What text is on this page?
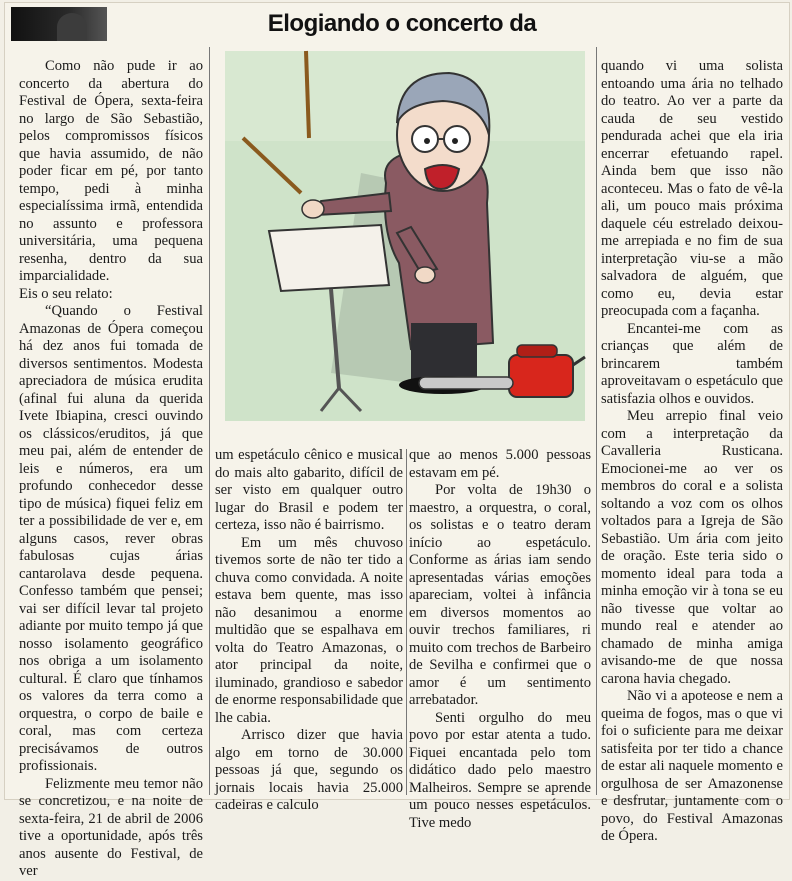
Elogiando o concerto da

Como não pude ir ao concerto da abertura do Festival de Ópera, sexta-feira no largo de São Sebastião, pelos compromissos físicos que havia assumido, de não poder ficar em pé, por tanto tempo, pedi à minha especialíssima irmã, entendida no assunto e professora universitária, uma pequena resenha, dentro da sua imparcialidade.

Eis o seu relato:

“Quando o Festival Amazonas de Ópera começou há dez anos fui tomada de diversos sentimentos. Modesta apreciadora de música erudita (afinal fui aluna da querida Ivete Ibiapina, cresci ouvindo os clássicos/eruditos, já que meu pai, além de entender de leis e números, era um profundo conhecedor desse tipo de música) fiquei feliz em ter a possibilidade de ver e, em alguns casos, rever obras fabulosas cujas árias cantarolava desde pequena. Confesso também que pensei; vai ser difícil levar tal projeto adiante por muito tempo já que nosso isolamento geográfico nos obriga a um isolamento cultural. É claro que tínhamos os valores da terra como a orquestra, o corpo de baile e coral, mas com certeza precisávamos de outros profissionais.

Felizmente meu temor não se concretizou, e na noite de sexta-feira, 21 de abril de 2006 tive a oportunidade, após três anos ausente do Festival, de ver

um espetáculo cênico e musical do mais alto gabarito, difícil de ser visto em qualquer outro lugar do Brasil e podem ter certeza, isso não é bairrismo.

Em um mês chuvoso tivemos sorte de não ter tido a chuva como convidada. A noite estava bem quente, mas isso não desanimou a enorme multidão que se espalhava em volta do Teatro Amazonas, o ator principal da noite, iluminado, grandioso e sabedor de enorme responsabilidade que lhe cabia.

Arrisco dizer que havia algo em torno de 30.000 pessoas já que, segundo os jornais locais havia 25.000 cadeiras e calculo

que ao menos 5.000 pessoas estavam em pé.

Por volta de 19h30 o maestro, a orquestra, o coral, os solistas e o teatro deram início ao espetáculo. Conforme as árias iam sendo apresentadas várias emoções apareciam, voltei à infância em diversos momentos ao ouvir trechos familiares, ri muito com trechos de Barbeiro de Sevilha e confirmei que o amor é um sentimento arrebatador.

Senti orgulho do meu povo por estar atenta a tudo. Fiquei encantada pelo tom didático dado pelo maestro Malheiros. Sempre se aprende um pouco nesses espetáculos. Tive medo

quando vi uma solista entoando uma ária no telhado do teatro. Ao ver a parte da cauda de seu vestido pendurada achei que ela iria encerrar efetuando rapel. Ainda bem que isso não aconteceu. Mas o fato de vê-la ali, um pouco mais próxima daquele céu estrelado deixou-me arrepiada e no fim de sua interpretação viu-se a mão salvadora de alguém, que como eu, devia estar preocupada com a façanha.

Encantei-me com as crianças que além de brincarem também aproveitavam o espetáculo que satisfazia olhos e ouvidos.

Meu arrepio final veio com a interpretação da Cavalleria Rusticana. Emocionei-me ao ver os membros do coral e a solista soltando a voz com os olhos voltados para a Igreja de São Sebastião. Um ária com jeito de oração. Este teria sido o momento ideal para toda a minha emoção vir à tona se eu não tivesse que voltar ao mundo real e atender ao chamado de minha amiga avisando-me de que nossa carona havia chegado.

Não vi a apoteose e nem a queima de fogos, mas o que vi foi o suficiente para me deixar satisfeita por ter tido a chance de estar ali naquele momento e orgulhosa de ser Amazonense e desfrutar, juntamente com o povo, do Festival Amazonas de Ópera.
